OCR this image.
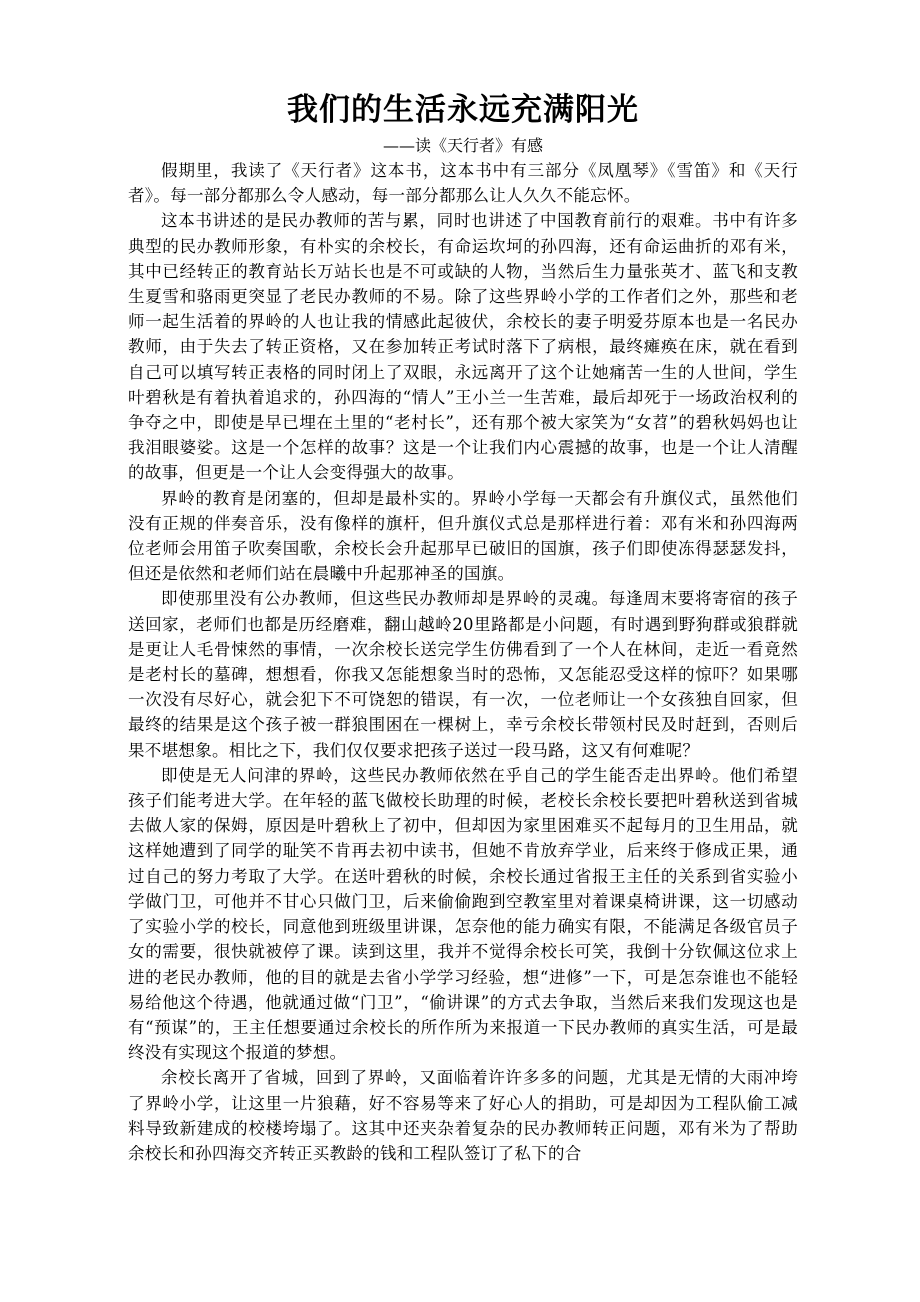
我们的生活永远充满阳光

——读《天行者》有感

假期里，我读了《天行者》这本书，这本书中有三部分《凤凰琴》《雪笛》和《天行者》。每一部分都那么令人感动，每一部分都那么让人久久不能忘怀。

这本书讲述的是民办教师的苦与累，同时也讲述了中国教育前行的艰难。书中有许多典型的民办教师形象，有朴实的余校长，有命运坎坷的孙四海，还有命运曲折的邓有米，其中已经转正的教育站长万站长也是不可或缺的人物，当然后生力量张英才、蓝飞和支教生夏雪和骆雨更突显了老民办教师的不易。除了这些界岭小学的工作者们之外，那些和老师一起生活着的界岭的人也让我的情感此起彼伏，余校长的妻子明爱芬原本也是一名民办教师，由于失去了转正资格，又在参加转正考试时落下了病根，最终瘫痪在床，就在看到自己可以填写转正表格的同时闭上了双眼，永远离开了这个让她痛苦一生的人世间，学生叶碧秋是有着执着追求的，孙四海的“情人”王小兰一生苦难，最后却死于一场政治权利的争夺之中，即使是早已埋在土里的“老村长”，还有那个被大家笑为“女苕”的碧秋妈妈也让我泪眼婆娑。这是一个怎样的故事？这是一个让我们内心震撼的故事，也是一个让人清醒的故事，但更是一个让人会变得强大的故事。

界岭的教育是闭塞的，但却是最朴实的。界岭小学每一天都会有升旗仪式，虽然他们没有正规的伴奏音乐，没有像样的旗杆，但升旗仪式总是那样进行着：邓有米和孙四海两位老师会用笛子吹奏国歌，余校长会升起那早已破旧的国旗，孩子们即使冻得瑟瑟发抖，但还是依然和老师们站在晨曦中升起那神圣的国旗。

即使那里没有公办教师，但这些民办教师却是界岭的灵魂。每逢周末要将寄宿的孩子送回家，老师们也都是历经磨难，翻山越岭20里路都是小问题，有时遇到野狗群或狼群就是更让人毛骨悚然的事情，一次余校长送完学生仿佛看到了一个人在林间，走近一看竟然是老村长的墓碑，想想看，你我又怎能想象当时的恐怖，又怎能忍受这样的惊吓？如果哪一次没有尽好心，就会犯下不可饶恕的错误，有一次，一位老师让一个女孩独自回家，但最终的结果是这个孩子被一群狼围困在一棵树上，幸亏余校长带领村民及时赶到，否则后果不堪想象。相比之下，我们仅仅要求把孩子送过一段马路，这又有何难呢？

即使是无人问津的界岭，这些民办教师依然在乎自己的学生能否走出界岭。他们希望孩子们能考进大学。在年轻的蓝飞做校长助理的时候，老校长余校长要把叶碧秋送到省城去做人家的保姆，原因是叶碧秋上了初中，但却因为家里困难买不起每月的卫生用品，就这样她遭到了同学的耻笑不肯再去初中读书，但她不肯放弃学业，后来终于修成正果，通过自己的努力考取了大学。在送叶碧秋的时候，余校长通过省报王主任的关系到省实验小学做门卫，可他并不甘心只做门卫，后来偷偷跑到空教室里对着课桌椅讲课，这一切感动了实验小学的校长，同意他到班级里讲课，怎奈他的能力确实有限，不能满足各级官员子女的需要，很快就被停了课。读到这里，我并不觉得余校长可笑，我倒十分钦佩这位求上进的老民办教师，他的目的就是去省小学学习经验，想“进修”一下，可是怎奈谁也不能轻易给他这个待遇，他就通过做“门卫”，“偷讲课”的方式去争取，当然后来我们发现这也是有“预谋”的，王主任想要通过余校长的所作所为来报道一下民办教师的真实生活，可是最终没有实现这个报道的梦想。

余校长离开了省城，回到了界岭，又面临着许许多多的问题，尤其是无情的大雨冲垮了界岭小学，让这里一片狼藉，好不容易等来了好心人的捐助，可是却因为工程队偷工减料导致新建成的校楼垮塌了。这其中还夹杂着复杂的民办教师转正问题，邓有米为了帮助余校长和孙四海交齐转正买教龄的钱和工程队签订了私下的合
